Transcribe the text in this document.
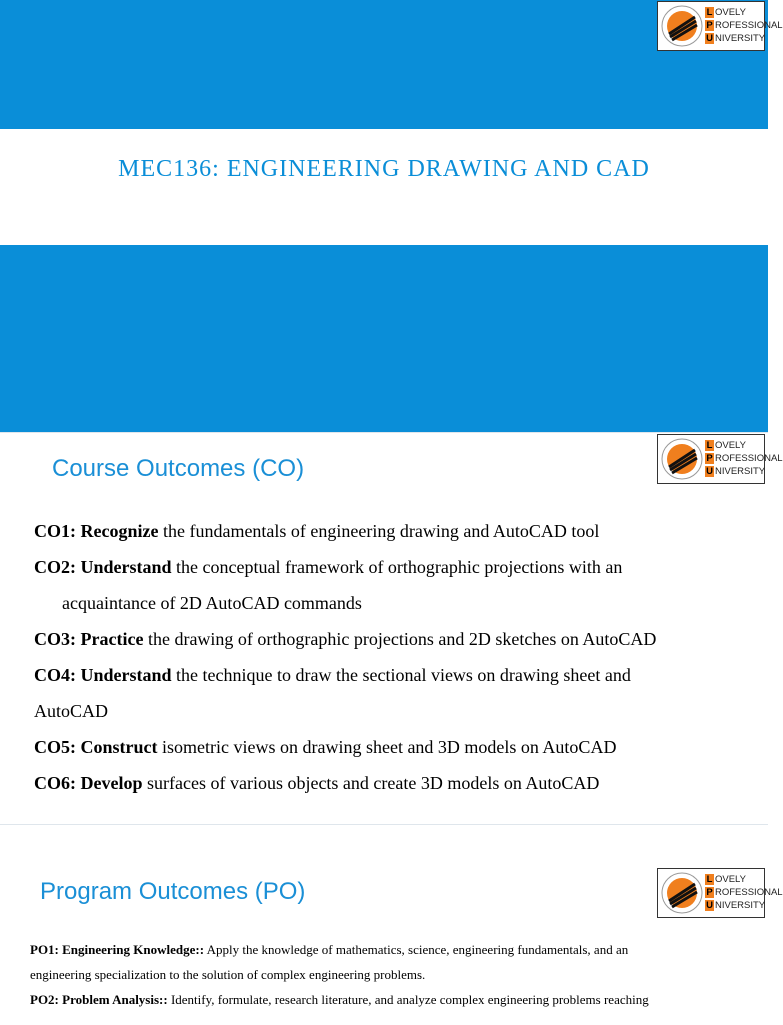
L OVELY
P ROFESSIONAL
U NIVERSITY
MEC136: ENGINEERING DRAWING AND CAD
Course Outcomes (CO)
L OVELY
P ROFESSIONAL
U NIVERSITY
CO1: Recognize the fundamentals of engineering drawing and AutoCAD tool
CO2: Understand the conceptual framework of orthographic projections with an
acquaintance of 2D AutoCAD commands
CO3: Practice the drawing of orthographic projections and 2D sketches on AutoCAD
CO4: Understand the technique to draw the sectional views on drawing sheet and
AutoCAD
CO5: Construct isometric views on drawing sheet and 3D models on AutoCAD
CO6: Develop surfaces of various objects and create 3D models on AutoCAD
Program Outcomes (PO)	L OVELY
P ROFESSIONAL
U NIVERSITY
PO1: Engineering Knowledge:: Apply the knowledge of mathematics, science, engineering fundamentals, and an
engineering specialization to the solution of complex engineering problems.
PO2: Problem Analysis:: Identify, formulate, research literature, and analyze complex engineering problems reaching
